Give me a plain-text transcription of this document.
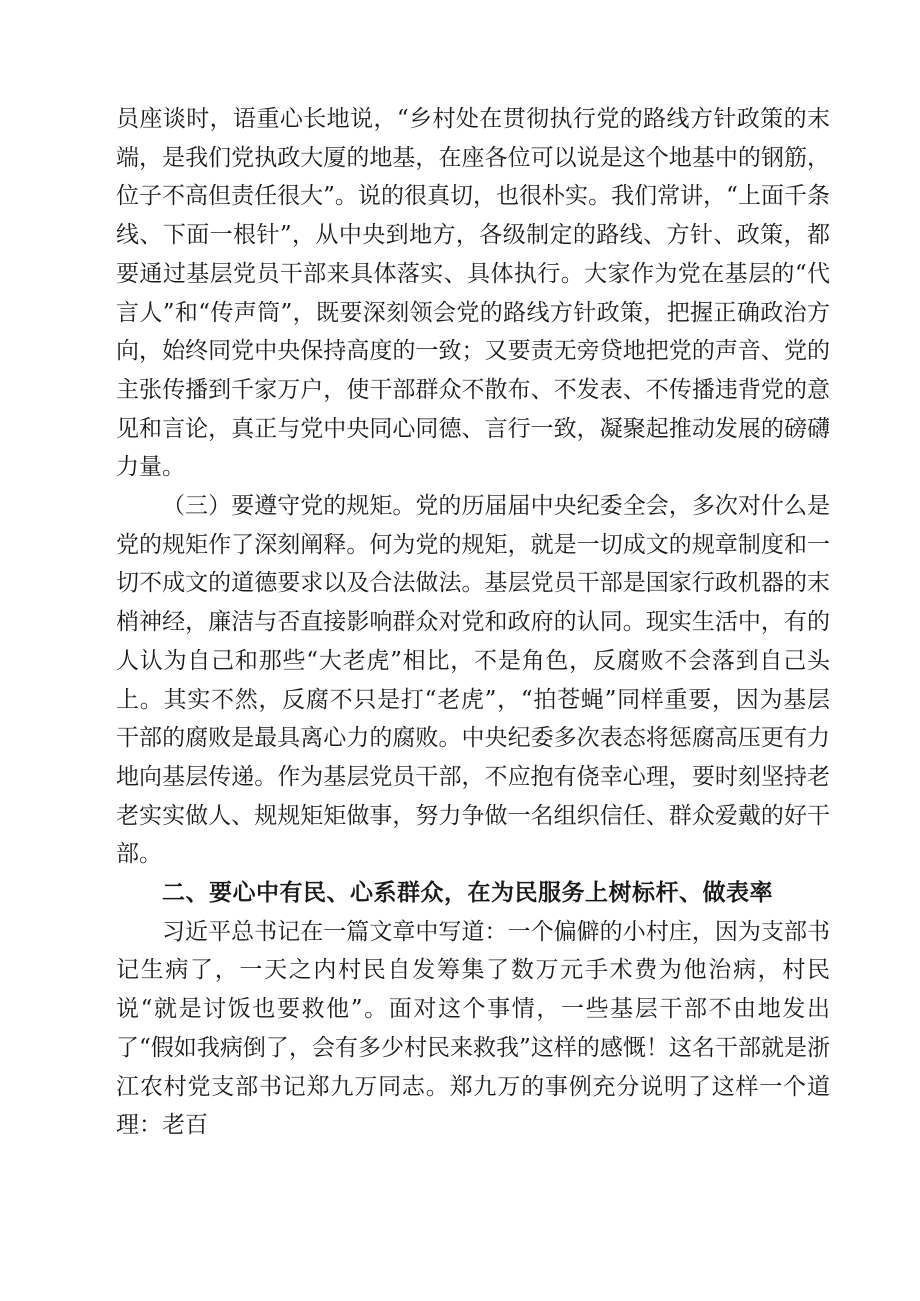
员座谈时，语重心长地说，“乡村处在贯彻执行党的路线方针政策的末端，是我们党执政大厦的地基，在座各位可以说是这个地基中的钢筋，位子不高但责任很大”。说的很真切，也很朴实。我们常讲，“上面千条线、下面一根针”，从中央到地方，各级制定的路线、方针、政策，都要通过基层党员干部来具体落实、具体执行。大家作为党在基层的“代言人”和“传声筒”，既要深刻领会党的路线方针政策，把握正确政治方向，始终同党中央保持高度的一致；又要责无旁贷地把党的声音、党的主张传播到千家万户，使干部群众不散布、不发表、不传播违背党的意见和言论，真正与党中央同心同德、言行一致，凝聚起推动发展的磅礴力量。

（三）要遵守党的规矩。党的历届届中央纪委全会，多次对什么是党的规矩作了深刻阐释。何为党的规矩，就是一切成文的规章制度和一切不成文的道德要求以及合法做法。基层党员干部是国家行政机器的末梢神经，廉洁与否直接影响群众对党和政府的认同。现实生活中，有的人认为自己和那些“大老虎”相比，不是角色，反腐败不会落到自己头上。其实不然，反腐不只是打“老虎”，“拍苍蝇”同样重要，因为基层干部的腐败是最具离心力的腐败。中央纪委多次表态将惩腐高压更有力地向基层传递。作为基层党员干部，不应抱有侥幸心理，要时刻坚持老老实实做人、规规矩矩做事，努力争做一名组织信任、群众爱戴的好干部。

二、要心中有民、心系群众，在为民服务上树标杆、做表率

习近平总书记在一篇文章中写道：一个偏僻的小村庄，因为支部书记生病了，一天之内村民自发筹集了数万元手术费为他治病，村民说“就是讨饭也要救他”。面对这个事情，一些基层干部不由地发出了“假如我病倒了，会有多少村民来救我”这样的感慨！这名干部就是浙江农村党支部书记郑九万同志。郑九万的事例充分说明了这样一个道理：老百
